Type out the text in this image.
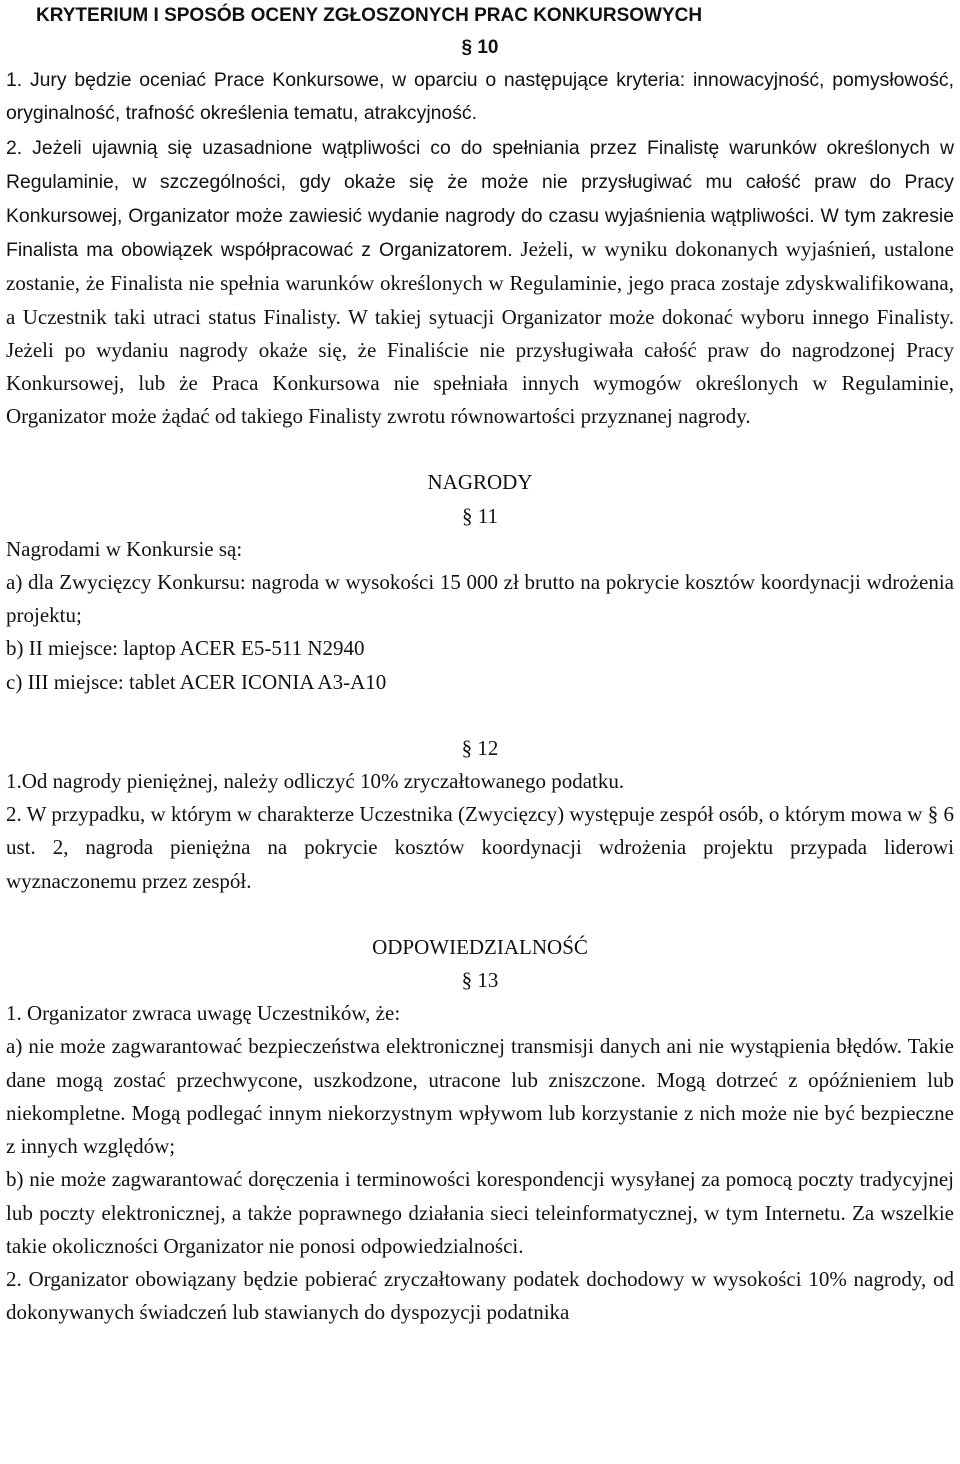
KRYTERIUM I SPOSÓB OCENY ZGŁOSZONYCH PRAC KONKURSOWYCH

§ 10

1. Jury będzie oceniać Prace Konkursowe, w oparciu o następujące kryteria: innowacyjność, pomysłowość, oryginalność, trafność określenia tematu, atrakcyjność.

2. Jeżeli ujawnią się uzasadnione wątpliwości co do spełniania przez Finalistę warunków określonych w Regulaminie, w szczególności, gdy okaże się że może nie przysługiwać mu całość praw do Pracy Konkursowej, Organizator może zawiesić wydanie nagrody do czasu wyjaśnienia wątpliwości. W tym zakresie Finalista ma obowiązek współpracować z Organizatorem. Jeżeli, w wyniku dokonanych wyjaśnień, ustalone zostanie, że Finalista nie spełnia warunków określonych w Regulaminie, jego praca zostaje zdyskwalifikowana, a Uczestnik taki utraci status Finalisty. W takiej sytuacji Organizator może dokonać wyboru innego Finalisty. Jeżeli po wydaniu nagrody okaże się, że Finaliście nie przysługiwała całość praw do nagrodzonej Pracy Konkursowej, lub że Praca Konkursowa nie spełniała innych wymogów określonych w Regulaminie, Organizator może żądać od takiego Finalisty zwrotu równowartości przyznanej nagrody.

NAGRODY

§ 11

Nagrodami w Konkursie są:

a) dla Zwycięzcy Konkursu: nagroda w wysokości 15 000 zł brutto na pokrycie kosztów koordynacji wdrożenia projektu;

b) II miejsce: laptop ACER E5-511 N2940

c) III miejsce: tablet ACER ICONIA A3-A10

§ 12

1.Od nagrody pieniężnej, należy odliczyć 10% zryczałtowanego podatku.

2. W przypadku, w którym w charakterze Uczestnika (Zwycięzcy) występuje zespół osób, o którym mowa w § 6 ust. 2, nagroda pieniężna na pokrycie kosztów koordynacji wdrożenia projektu przypada liderowi wyznaczonemu przez zespół.

ODPOWIEDZIALNOŚĆ

§ 13

1. Organizator zwraca uwagę Uczestników, że:

a) nie może zagwarantować bezpieczeństwa elektronicznej transmisji danych ani nie wystąpienia błędów. Takie dane mogą zostać przechwycone, uszkodzone, utracone lub zniszczone. Mogą dotrzeć z opóźnieniem lub niekompletne. Mogą podlegać innym niekorzystnym wpływom lub korzystanie z nich może nie być bezpieczne z innych względów;

b) nie może zagwarantować doręczenia i terminowości korespondencji wysyłanej za pomocą poczty tradycyjnej lub poczty elektronicznej, a także poprawnego działania sieci teleinformatycznej, w tym Internetu. Za wszelkie takie okoliczności Organizator nie ponosi odpowiedzialności.

2. Organizator obowiązany będzie pobierać zryczałtowany podatek dochodowy w wysokości 10% nagrody, od dokonywanych świadczeń lub stawianych do dyspozycji podatnika
